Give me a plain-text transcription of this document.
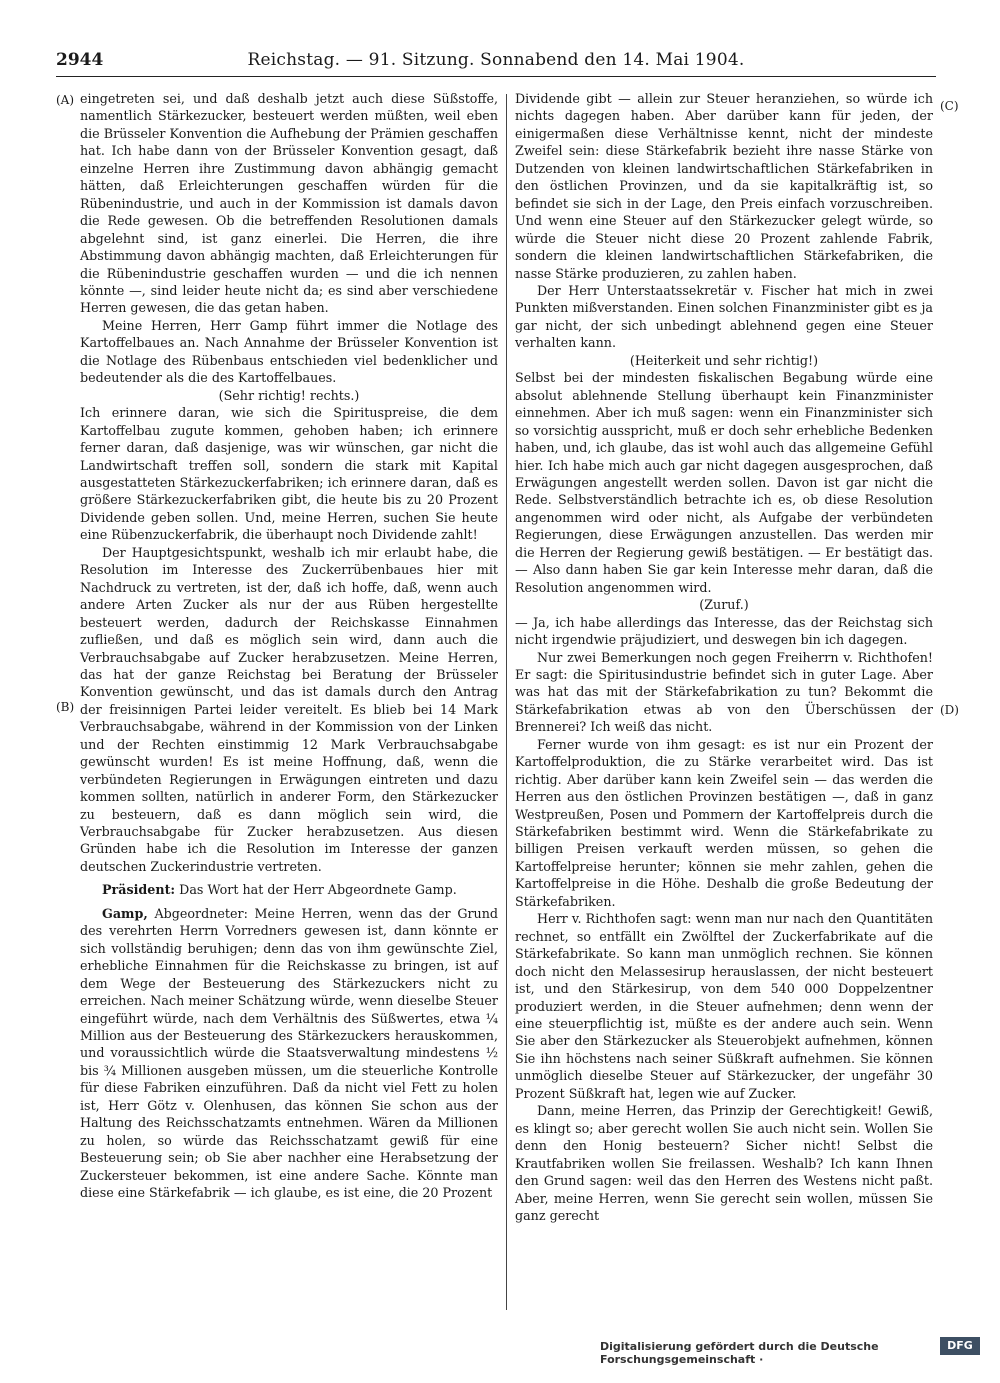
2944	Reichstag. — 91. Sitzung. Sonnabend den 14. Mai 1904.
(A)
(B)
(C)
(D)

eingetreten sei, und daß deshalb jetzt auch diese Süßstoffe, namentlich Stärkezucker, besteuert werden müßten, weil eben die Brüsseler Konvention die Aufhebung der Prämien geschaffen hat. Ich habe dann von der Brüsseler Konvention gesagt, daß einzelne Herren ihre Zustimmung davon abhängig gemacht hätten, daß Erleichterungen geschaffen würden für die Rübenindustrie, und auch in der Kommission ist damals davon die Rede gewesen. Ob die betreffenden Resolutionen damals abgelehnt sind, ist ganz einerlei. Die Herren, die ihre Abstimmung davon abhängig machten, daß Erleichterungen für die Rübenindustrie geschaffen wurden — und die ich nennen könnte —, sind leider heute nicht da; es sind aber verschiedene Herren gewesen, die das getan haben.

Meine Herren, Herr Gamp führt immer die Notlage des Kartoffelbaues an. Nach Annahme der Brüsseler Konvention ist die Notlage des Rübenbaus entschieden viel bedenklicher und bedeutender als die des Kartoffelbaues.

(Sehr richtig! rechts.)

Ich erinnere daran, wie sich die Spirituspreise, die dem Kartoffelbau zugute kommen, gehoben haben; ich erinnere ferner daran, daß dasjenige, was wir wünschen, gar nicht die Landwirtschaft treffen soll, sondern die stark mit Kapital ausgestatteten Stärkezuckerfabriken; ich erinnere daran, daß es größere Stärkezuckerfabriken gibt, die heute bis zu 20 Prozent Dividende geben sollen. Und, meine Herren, suchen Sie heute eine Rübenzuckerfabrik, die überhaupt noch Dividende zahlt!

Der Hauptgesichtspunkt, weshalb ich mir erlaubt habe, die Resolution im Interesse des Zuckerrübenbaues hier mit Nachdruck zu vertreten, ist der, daß ich hoffe, daß, wenn auch andere Arten Zucker als nur der aus Rüben hergestellte besteuert werden, dadurch der Reichskasse Einnahmen zufließen, und daß es möglich sein wird, dann auch die Verbrauchsabgabe auf Zucker herabzusetzen. Meine Herren, das hat der ganze Reichstag bei Beratung der Brüsseler Konvention gewünscht, und das ist damals durch den Antrag der freisinnigen Partei leider vereitelt. Es blieb bei 14 Mark Verbrauchsabgabe, während in der Kommission von der Linken und der Rechten einstimmig 12 Mark Verbrauchsabgabe gewünscht wurden! Es ist meine Hoffnung, daß, wenn die verbündeten Regierungen in Erwägungen eintreten und dazu kommen sollten, natürlich in anderer Form, den Stärkezucker zu besteuern, daß es dann möglich sein wird, die Verbrauchsabgabe für Zucker herabzusetzen. Aus diesen Gründen habe ich die Resolution im Interesse der ganzen deutschen Zuckerindustrie vertreten.

Präsident: Das Wort hat der Herr Abgeordnete Gamp.

Gamp, Abgeordneter: Meine Herren, wenn das der Grund des verehrten Herrn Vorredners gewesen ist, dann könnte er sich vollständig beruhigen; denn das von ihm gewünschte Ziel, erhebliche Einnahmen für die Reichskasse zu bringen, ist auf dem Wege der Besteuerung des Stärkezuckers nicht zu erreichen. Nach meiner Schätzung würde, wenn dieselbe Steuer eingeführt würde, nach dem Verhältnis des Süßwertes, etwa ¼ Million aus der Besteuerung des Stärkezuckers herauskommen, und voraussichtlich würde die Staatsverwaltung mindestens ½ bis ¾ Millionen ausgeben müssen, um die steuerliche Kontrolle für diese Fabriken einzuführen. Daß da nicht viel Fett zu holen ist, Herr Götz v. Olenhusen, das können Sie schon aus der Haltung des Reichsschatzamts entnehmen. Wären da Millionen zu holen, so würde das Reichsschatzamt gewiß für eine Besteuerung sein; ob Sie aber nachher eine Herabsetzung der Zuckersteuer bekommen, ist eine andere Sache. Könnte man diese eine Stärkefabrik — ich glaube, es ist eine, die 20 Prozent

Dividende gibt — allein zur Steuer heranziehen, so würde ich nichts dagegen haben. Aber darüber kann für jeden, der einigermaßen diese Verhältnisse kennt, nicht der mindeste Zweifel sein: diese Stärkefabrik bezieht ihre nasse Stärke von Dutzenden von kleinen landwirtschaftlichen Stärkefabriken in den östlichen Provinzen, und da sie kapitalkräftig ist, so befindet sie sich in der Lage, den Preis einfach vorzuschreiben. Und wenn eine Steuer auf den Stärkezucker gelegt würde, so würde die Steuer nicht diese 20 Prozent zahlende Fabrik, sondern die kleinen landwirtschaftlichen Stärkefabriken, die nasse Stärke produzieren, zu zahlen haben.

Der Herr Unterstaatssekretär v. Fischer hat mich in zwei Punkten mißverstanden. Einen solchen Finanzminister gibt es ja gar nicht, der sich unbedingt ablehnend gegen eine Steuer verhalten kann.

(Heiterkeit und sehr richtig!)

Selbst bei der mindesten fiskalischen Begabung würde eine absolut ablehnende Stellung überhaupt kein Finanzminister einnehmen. Aber ich muß sagen: wenn ein Finanzminister sich so vorsichtig ausspricht, muß er doch sehr erhebliche Bedenken haben, und, ich glaube, das ist wohl auch das allgemeine Gefühl hier. Ich habe mich auch gar nicht dagegen ausgesprochen, daß Erwägungen angestellt werden sollen. Davon ist gar nicht die Rede. Selbstverständlich betrachte ich es, ob diese Resolution angenommen wird oder nicht, als Aufgabe der verbündeten Regierungen, diese Erwägungen anzustellen. Das werden mir die Herren der Regierung gewiß bestätigen. — Er bestätigt das. — Also dann haben Sie gar kein Interesse mehr daran, daß die Resolution angenommen wird.

(Zuruf.)

— Ja, ich habe allerdings das Interesse, das der Reichstag sich nicht irgendwie präjudiziert, und deswegen bin ich dagegen.

Nur zwei Bemerkungen noch gegen Freiherrn v. Richthofen! Er sagt: die Spiritusindustrie befindet sich in guter Lage. Aber was hat das mit der Stärkefabrikation zu tun? Bekommt die Stärkefabrikation etwas ab von den Überschüssen der Brennerei? Ich weiß das nicht.

Ferner wurde von ihm gesagt: es ist nur ein Prozent der Kartoffelproduktion, die zu Stärke verarbeitet wird. Das ist richtig. Aber darüber kann kein Zweifel sein — das werden die Herren aus den östlichen Provinzen bestätigen —, daß in ganz Westpreußen, Posen und Pommern der Kartoffelpreis durch die Stärkefabriken bestimmt wird. Wenn die Stärkefabrikate zu billigen Preisen verkauft werden müssen, so gehen die Kartoffelpreise herunter; können sie mehr zahlen, gehen die Kartoffelpreise in die Höhe. Deshalb die große Bedeutung der Stärkefabriken.

Herr v. Richthofen sagt: wenn man nur nach den Quantitäten rechnet, so entfällt ein Zwölftel der Zuckerfabrikate auf die Stärkefabrikate. So kann man unmöglich rechnen. Sie können doch nicht den Melassesirup herauslassen, der nicht besteuert ist, und den Stärkesirup, von dem 540 000 Doppelzentner produziert werden, in die Steuer aufnehmen; denn wenn der eine steuerpflichtig ist, müßte es der andere auch sein. Wenn Sie aber den Stärkezucker als Steuerobjekt aufnehmen, können Sie ihn höchstens nach seiner Süßkraft aufnehmen. Sie können unmöglich dieselbe Steuer auf Stärkezucker, der ungefähr 30 Prozent Süßkraft hat, legen wie auf Zucker.

Dann, meine Herren, das Prinzip der Gerechtigkeit! Gewiß, es klingt so; aber gerecht wollen Sie auch nicht sein. Wollen Sie denn den Honig besteuern? Sicher nicht! Selbst die Krautfabriken wollen Sie freilassen. Weshalb? Ich kann Ihnen den Grund sagen: weil das den Herren des Westens nicht paßt. Aber, meine Herren, wenn Sie gerecht sein wollen, müssen Sie ganz gerecht

Digitalisierung gefördert durch die Deutsche Forschungsgemeinschaft ·
DFG
